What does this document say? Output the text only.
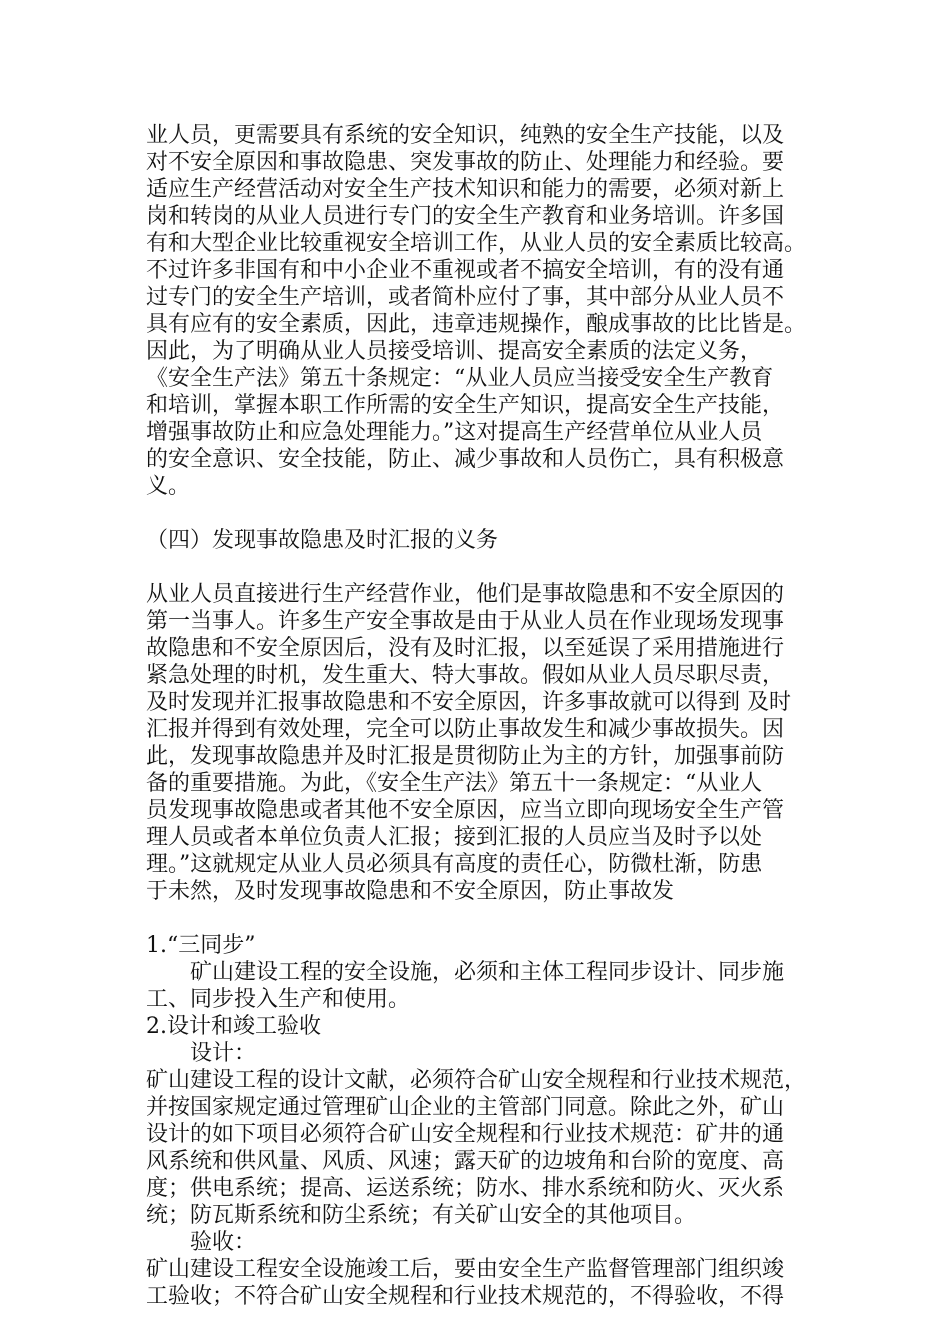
业人员，更需要具有系统的安全知识，纯熟的安全生产技能，以及
对不安全原因和事故隐患、突发事故的防止、处理能力和经验。要
适应生产经营活动对安全生产技术知识和能力的需要，必须对新上
岗和转岗的从业人员进行专门的安全生产教育和业务培训。许多国
有和大型企业比较重视安全培训工作，从业人员的安全素质比较高。
不过许多非国有和中小企业不重视或者不搞安全培训，有的没有通
过专门的安全生产培训，或者简朴应付了事，其中部分从业人员不
具有应有的安全素质，因此，违章违规操作，酿成事故的比比皆是。
因此，为了明确从业人员接受培训、提高安全素质的法定义务，
《安全生产法》第五十条规定：“从业人员应当接受安全生产教育
和培训，掌握本职工作所需的安全生产知识，提高安全生产技能，
增强事故防止和应急处理能力。”这对提高生产经营单位从业人员
的安全意识、安全技能，防止、减少事故和人员伤亡，具有积极意
义。
（四）发现事故隐患及时汇报的义务
从业人员直接进行生产经营作业，他们是事故隐患和不安全原因的
第一当事人。许多生产安全事故是由于从业人员在作业现场发现事
故隐患和不安全原因后，没有及时汇报，以至延误了采用措施进行
紧急处理的时机，发生重大、特大事故。假如从业人员尽职尽责，
及时发现并汇报事故隐患和不安全原因，许多事故就可以得到 及时
汇报并得到有效处理，完全可以防止事故发生和减少事故损失。因
此，发现事故隐患并及时汇报是贯彻防止为主的方针，加强事前防
备的重要措施。为此，《安全生产法》第五十一条规定：“从业人
员发现事故隐患或者其他不安全原因，应当立即向现场安全生产管
理人员或者本单位负责人汇报；接到汇报的人员应当及时予以处
理。”这就规定从业人员必须具有高度的责任心，防微杜渐，防患
于未然，及时发现事故隐患和不安全原因，防止事故发
1.“三同步”
矿山建设工程的安全设施，必须和主体工程同步设计、同步施
工、同步投入生产和使用。
2.设计和竣工验收
设计：
矿山建设工程的设计文献，必须符合矿山安全规程和行业技术规范，
并按国家规定通过管理矿山企业的主管部门同意。除此之外，矿山
设计的如下项目必须符合矿山安全规程和行业技术规范：矿井的通
风系统和供风量、风质、风速；露天矿的边坡角和台阶的宽度、高
度；供电系统；提高、运送系统；防水、排水系统和防火、灭火系
统；防瓦斯系统和防尘系统；有关矿山安全的其他项目。
验收：
矿山建设工程安全设施竣工后，要由安全生产监督管理部门组织竣
工验收；不符合矿山安全规程和行业技术规范的，不得验收，不得
